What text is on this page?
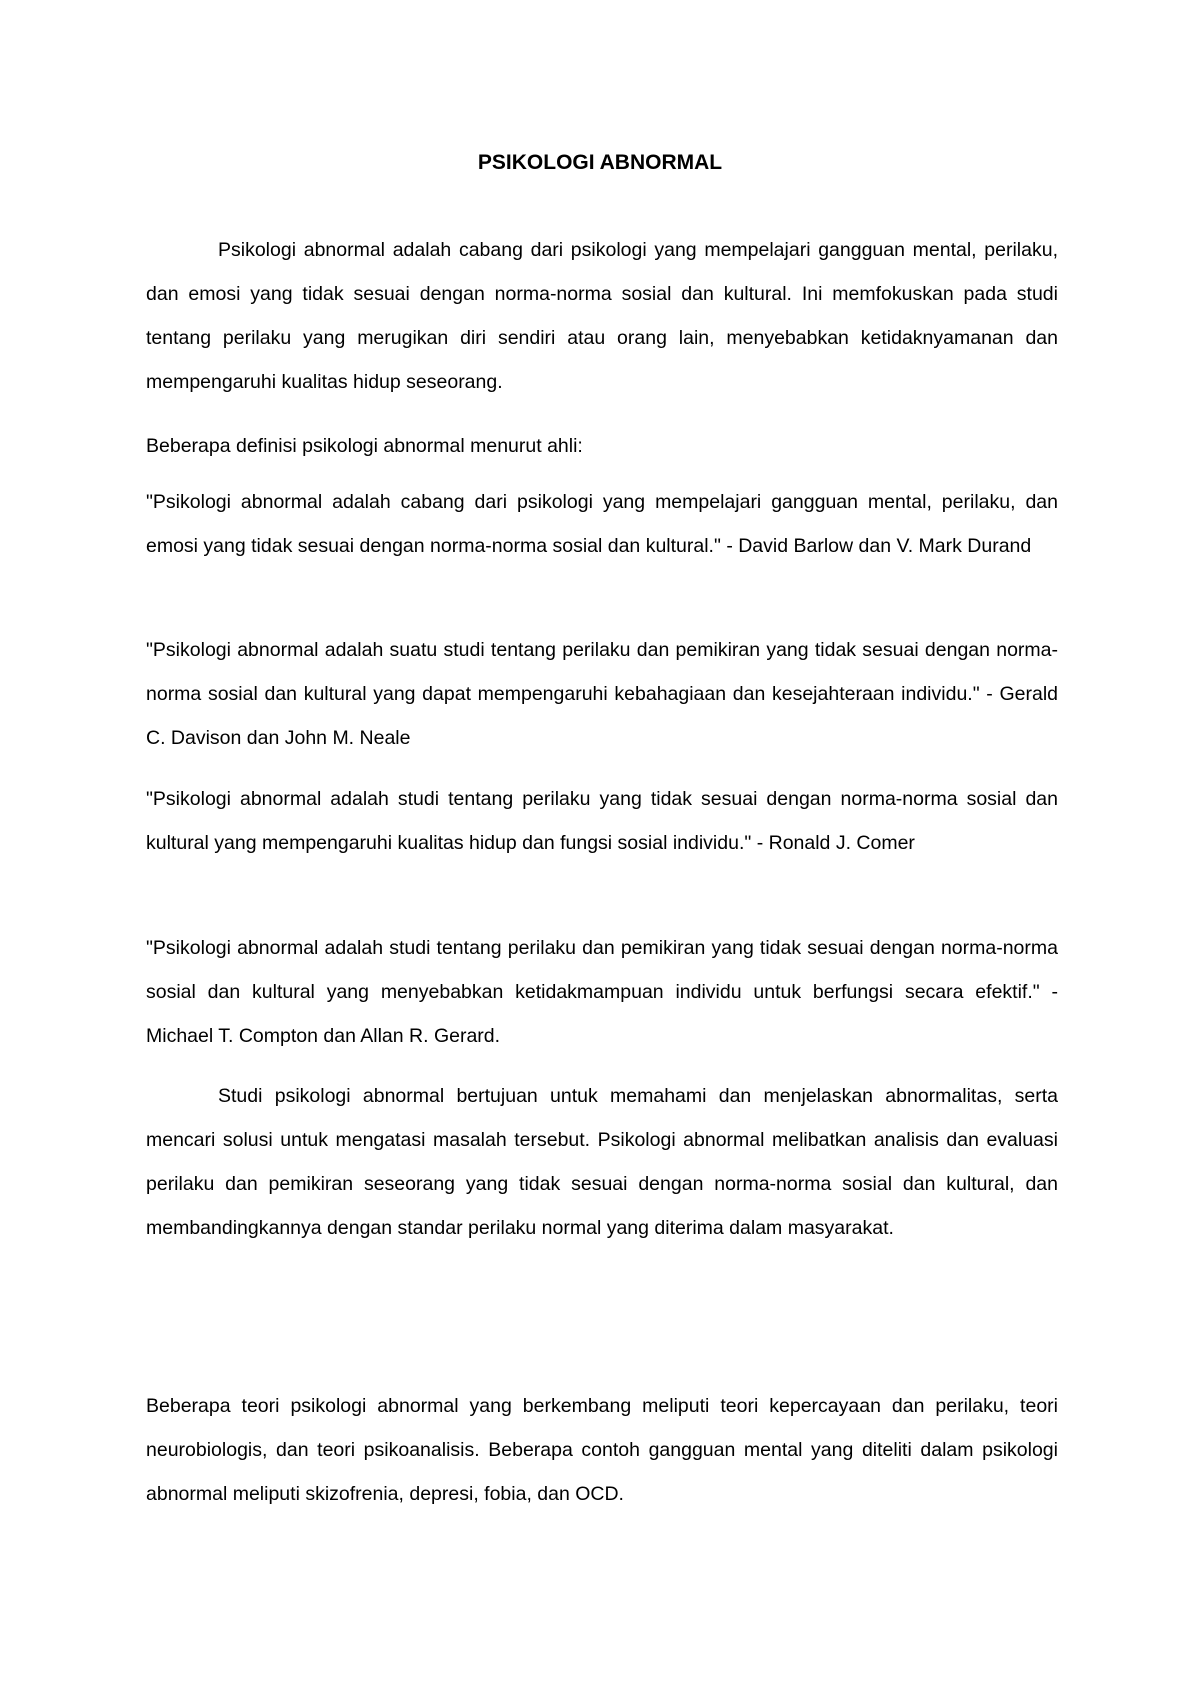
PSIKOLOGI ABNORMAL

Psikologi abnormal adalah cabang dari psikologi yang mempelajari gangguan mental, perilaku, dan emosi yang tidak sesuai dengan norma-norma sosial dan kultural. Ini memfokuskan pada studi tentang perilaku yang merugikan diri sendiri atau orang lain, menyebabkan ketidaknyamanan dan mempengaruhi kualitas hidup seseorang.

Beberapa definisi psikologi abnormal menurut ahli:

"Psikologi abnormal adalah cabang dari psikologi yang mempelajari gangguan mental, perilaku, dan emosi yang tidak sesuai dengan norma-norma sosial dan kultural." - David Barlow dan V. Mark Durand

"Psikologi abnormal adalah suatu studi tentang perilaku dan pemikiran yang tidak sesuai dengan norma-norma sosial dan kultural yang dapat mempengaruhi kebahagiaan dan kesejahteraan individu." - Gerald C. Davison dan John M. Neale

"Psikologi abnormal adalah studi tentang perilaku yang tidak sesuai dengan norma-norma sosial dan kultural yang mempengaruhi kualitas hidup dan fungsi sosial individu." - Ronald J. Comer

"Psikologi abnormal adalah studi tentang perilaku dan pemikiran yang tidak sesuai dengan norma-norma sosial dan kultural yang menyebabkan ketidakmampuan individu untuk berfungsi secara efektif." - Michael T. Compton dan Allan R. Gerard.

Studi psikologi abnormal bertujuan untuk memahami dan menjelaskan abnormalitas, serta mencari solusi untuk mengatasi masalah tersebut. Psikologi abnormal melibatkan analisis dan evaluasi perilaku dan pemikiran seseorang yang tidak sesuai dengan norma-norma sosial dan kultural, dan membandingkannya dengan standar perilaku normal yang diterima dalam masyarakat.

Beberapa teori psikologi abnormal yang berkembang meliputi teori kepercayaan dan perilaku, teori neurobiologis, dan teori psikoanalisis. Beberapa contoh gangguan mental yang diteliti dalam psikologi abnormal meliputi skizofrenia, depresi, fobia, dan OCD.
